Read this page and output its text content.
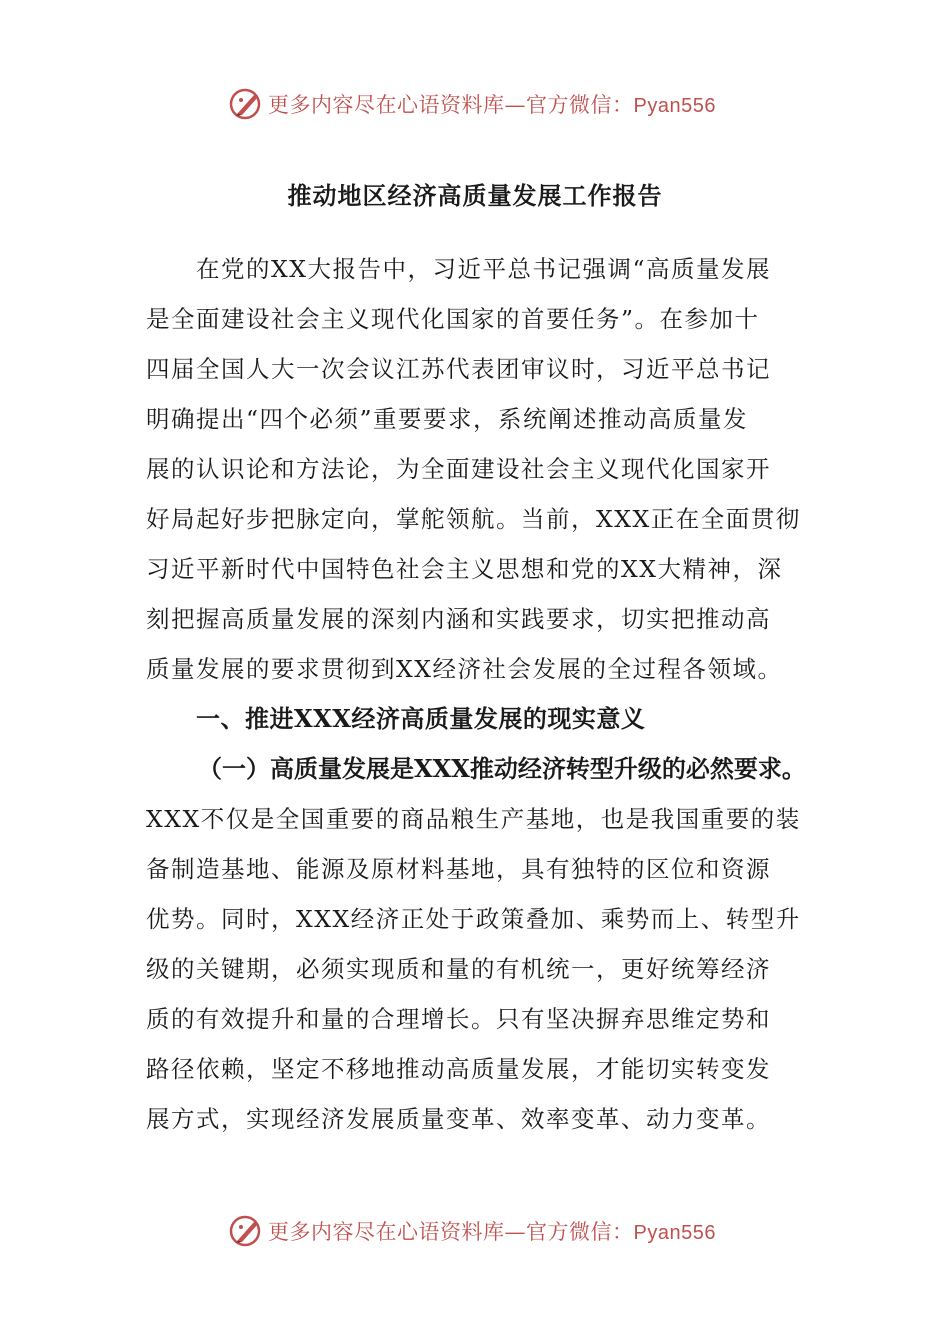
更多内容尽在心语资料库—官方微信：Pyan556
推动地区经济高质量发展工作报告

在党的XX大报告中，习近平总书记强调“高质量发展

是全面建设社会主义现代化国家的首要任务”。在参加十

四届全国人大一次会议江苏代表团审议时，习近平总书记

明确提出“四个必须”重要要求，系统阐述推动高质量发

展的认识论和方法论，为全面建设社会主义现代化国家开

好局起好步把脉定向，掌舵领航。当前，XXX正在全面贯彻

习近平新时代中国特色社会主义思想和党的XX大精神，深

刻把握高质量发展的深刻内涵和实践要求，切实把推动高

质量发展的要求贯彻到XX经济社会发展的全过程各领域。

一、推进XXX经济高质量发展的现实意义
（一）高质量发展是XXX推动经济转型升级的必然要求。

XXX不仅是全国重要的商品粮生产基地，也是我国重要的装

备制造基地、能源及原材料基地，具有独特的区位和资源

优势。同时，XXX经济正处于政策叠加、乘势而上、转型升

级的关键期，必须实现质和量的有机统一，更好统筹经济

质的有效提升和量的合理增长。只有坚决摒弃思维定势和

路径依赖，坚定不移地推动高质量发展，才能切实转变发

展方式，实现经济发展质量变革、效率变革、动力变革。

更多内容尽在心语资料库—官方微信：Pyan556
